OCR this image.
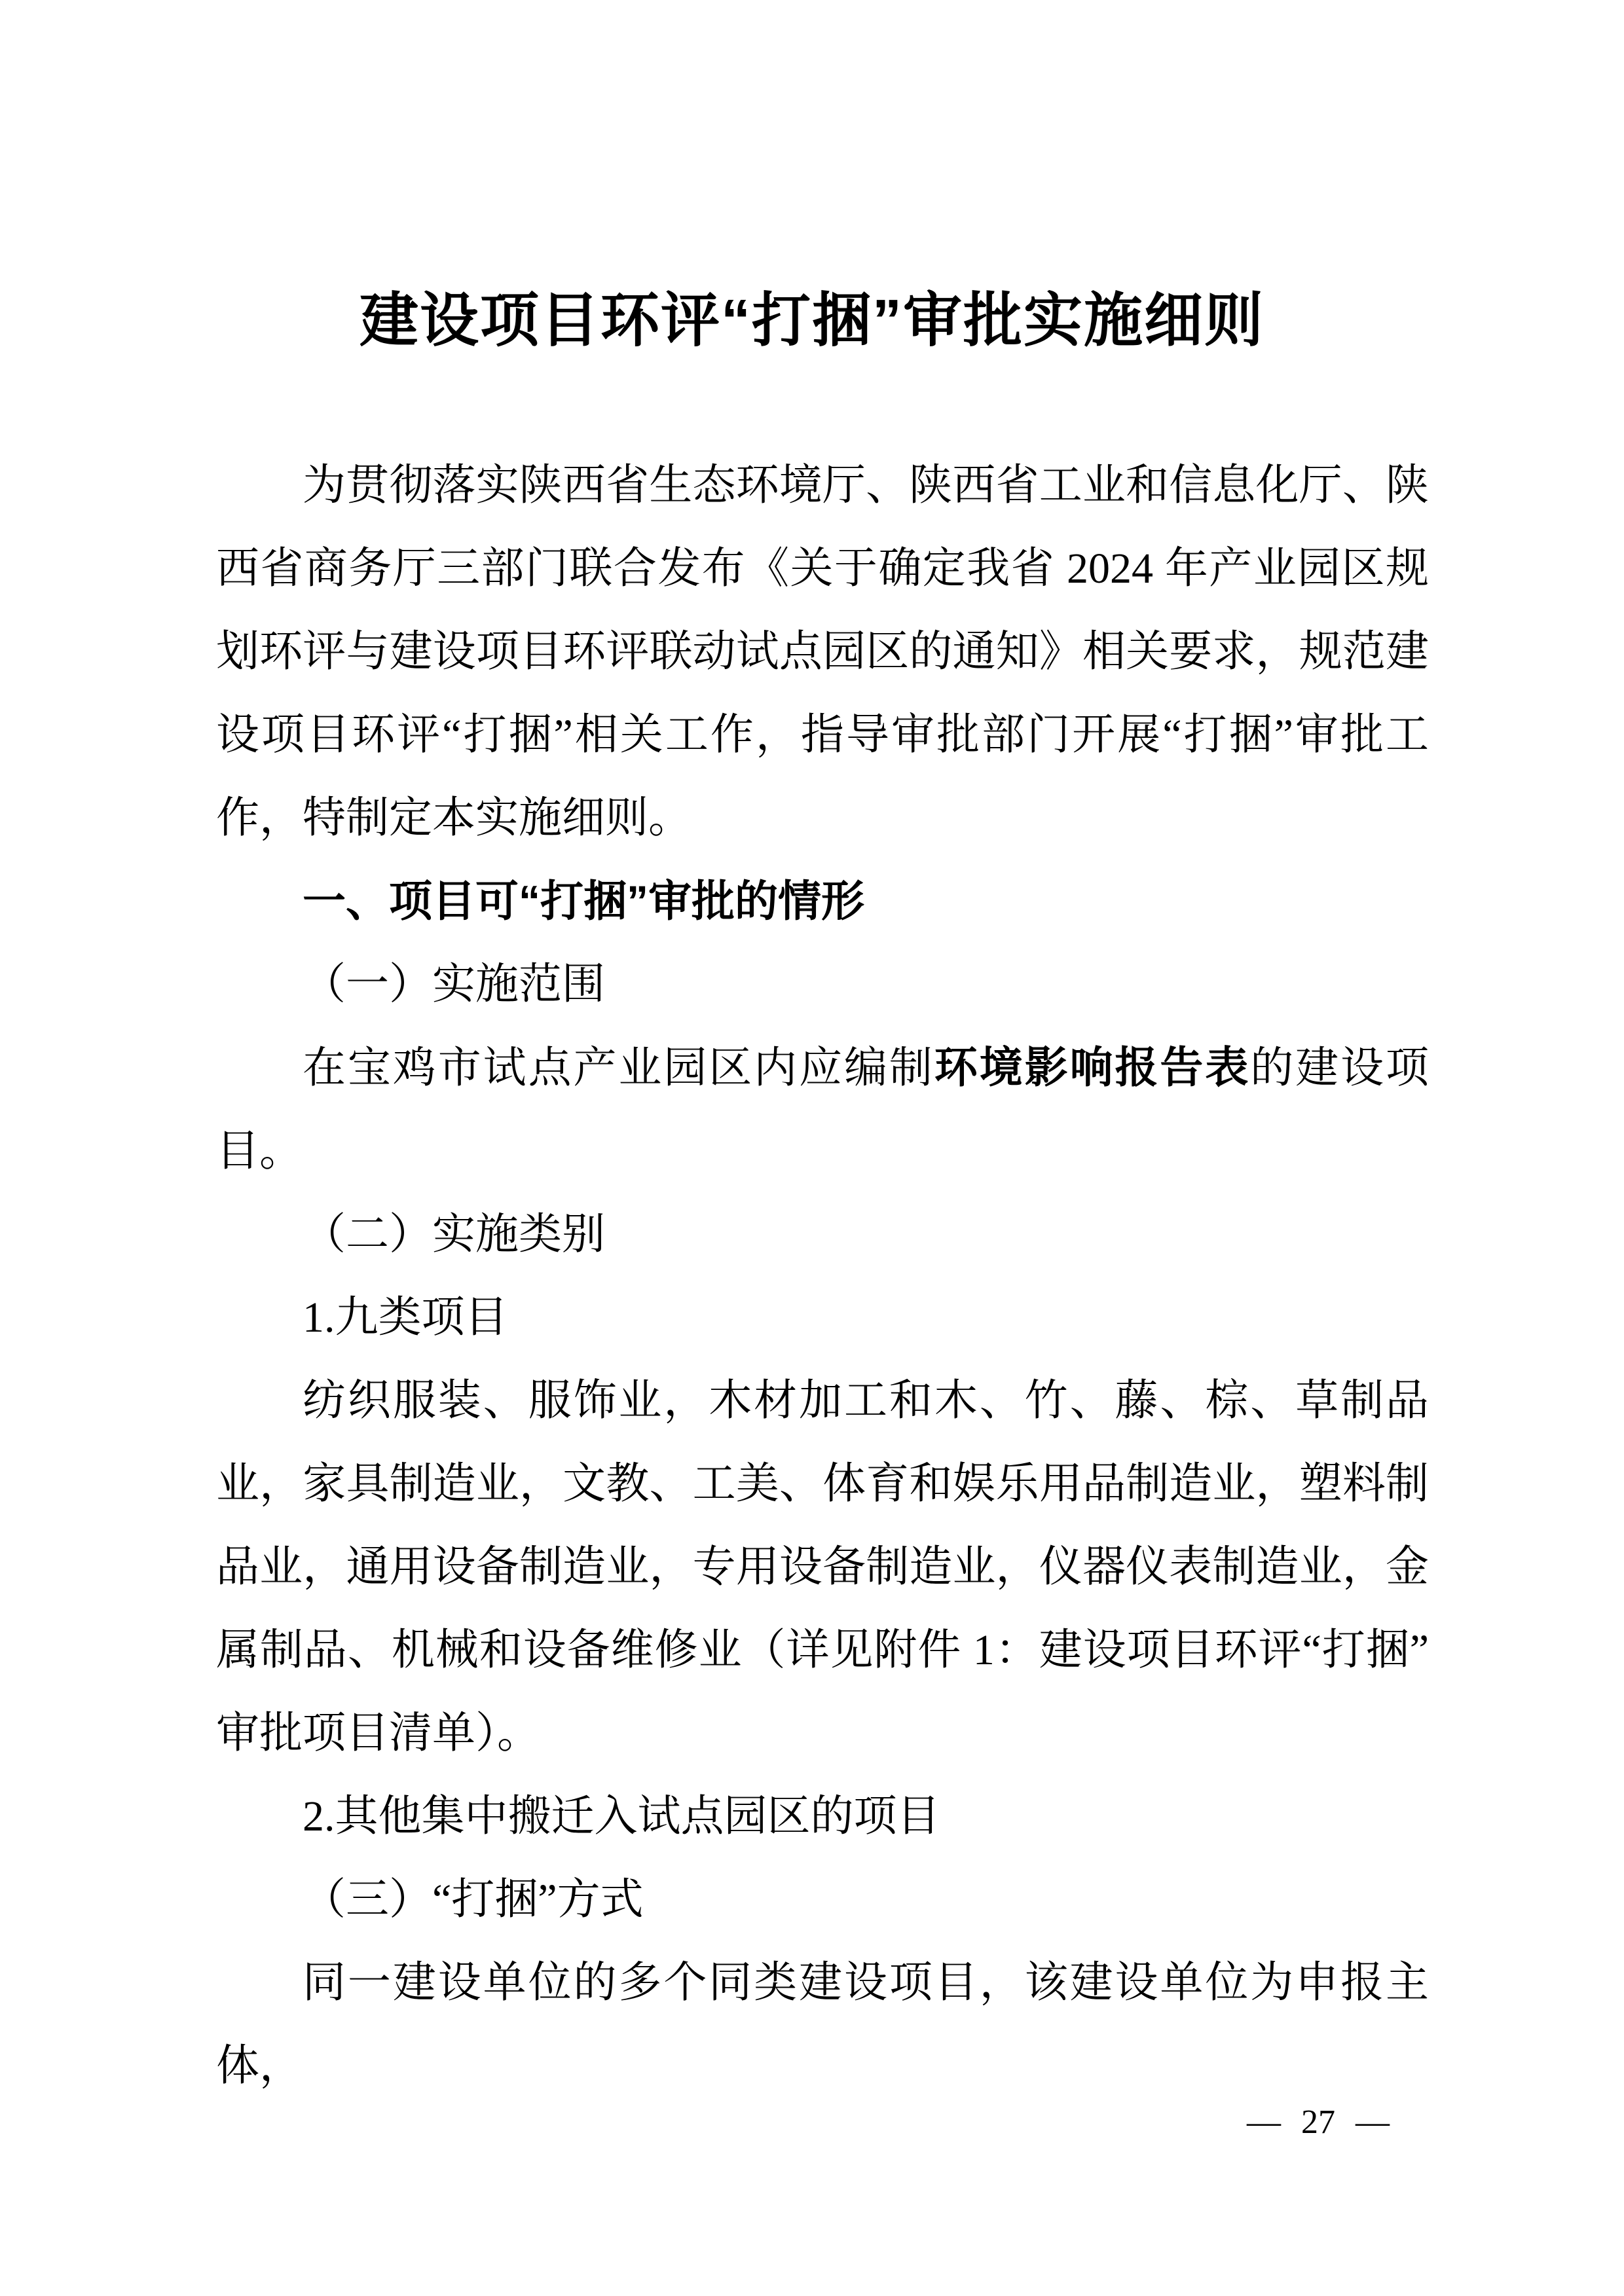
建设项目环评“打捆”审批实施细则

为贯彻落实陕西省生态环境厅、陕西省工业和信息化厅、陕西省商务厅三部门联合发布《关于确定我省 2024 年产业园区规划环评与建设项目环评联动试点园区的通知》相关要求，规范建设项目环评“打捆”相关工作，指导审批部门开展“打捆”审批工作，特制定本实施细则。

一、项目可“打捆”审批的情形

（一）实施范围

在宝鸡市试点产业园区内应编制环境影响报告表的建设项目。

（二）实施类别

1.九类项目

纺织服装、服饰业，木材加工和木、竹、藤、棕、草制品业，家具制造业，文教、工美、体育和娱乐用品制造业，塑料制品业，通用设备制造业，专用设备制造业，仪器仪表制造业，金属制品、机械和设备维修业（详见附件 1：建设项目环评“打捆”审批项目清单）。

2.其他集中搬迁入试点园区的项目

（三）“打捆”方式

同一建设单位的多个同类建设项目，该建设单位为申报主体，

— 27 —
